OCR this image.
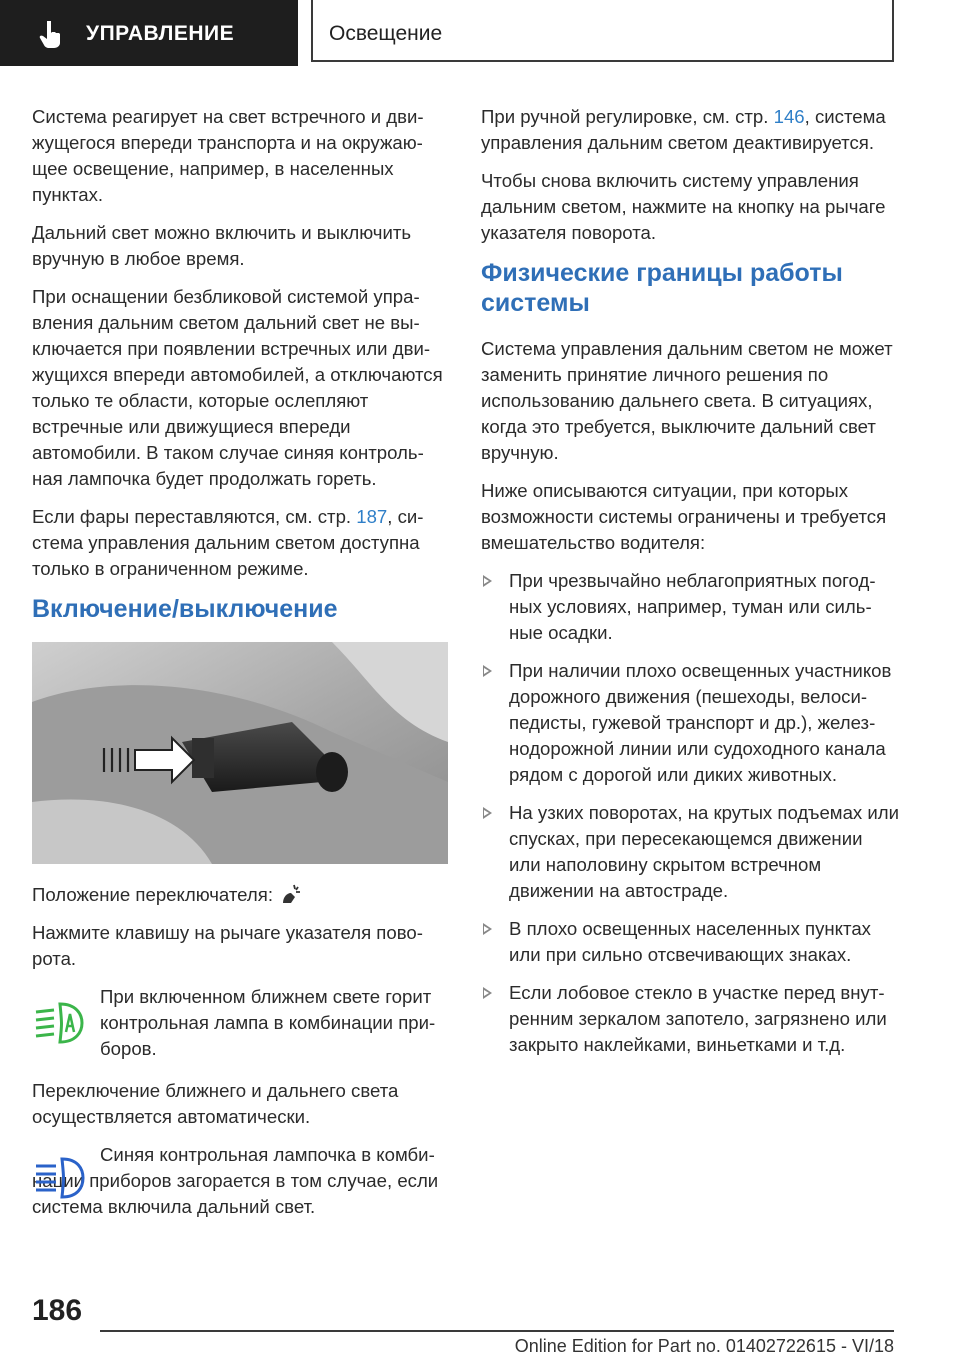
УПРАВЛЕНИЕ	Освещение

Система реагирует на свет встречного и движущегося впереди транспорта и на окружающее освещение, например, в населенных пунктах.

Дальний свет можно включить и выключить вручную в любое время.

При оснащении безбликовой системой управления дальним светом дальний свет не выключается при появлении встречных или движущихся впереди автомобилей, а отключаются только те области, которые ослепляют встречные или движущиеся впереди автомобили. В таком случае синяя контрольная лампочка будет продолжать гореть.

Если фары переставляются, см. стр. 187, система управления дальним светом доступна только в ограниченном режиме.

Включение/выключение

Положение переключателя:

Нажмите клавишу на рычаге указателя поворота.

При включенном ближнем свете горит контрольная лампа в комбинации приборов.

Переключение ближнего и дальнего света осуществляется автоматически.

Синяя контрольная лампочка в комбинации приборов загорается в том случае, если система включила дальний свет.

При ручной регулировке, см. стр. 146, система управления дальним светом деактивируется.

Чтобы снова включить систему управления дальним светом, нажмите на кнопку на рычаге указателя поворота.

Физические границы работы системы

Система управления дальним светом не может заменить принятие личного решения по использованию дальнего света. В ситуациях, когда это требуется, выключите дальний свет вручную.

Ниже описываются ситуации, при которых возможности системы ограничены и требуется вмешательство водителя:

При чрезвычайно неблагоприятных погодных условиях, например, туман или сильные осадки.
При наличии плохо освещенных участников дорожного движения (пешеходы, велосипедисты, гужевой транспорт и др.), железнодорожной линии или судоходного канала рядом с дорогой или диких животных.
На узких поворотах, на крутых подъемах или спусках, при пересекающемся движении или наполовину скрытом встречном движении на автостраде.
В плохо освещенных населенных пунктах или при сильно отсвечивающих знаках.
Если лобовое стекло в участке перед внутренним зеркалом запотело, загрязнено или закрыто наклейками, виньетками и т.д.
186
Online Edition for Part no. 01402722615 - VI/18
